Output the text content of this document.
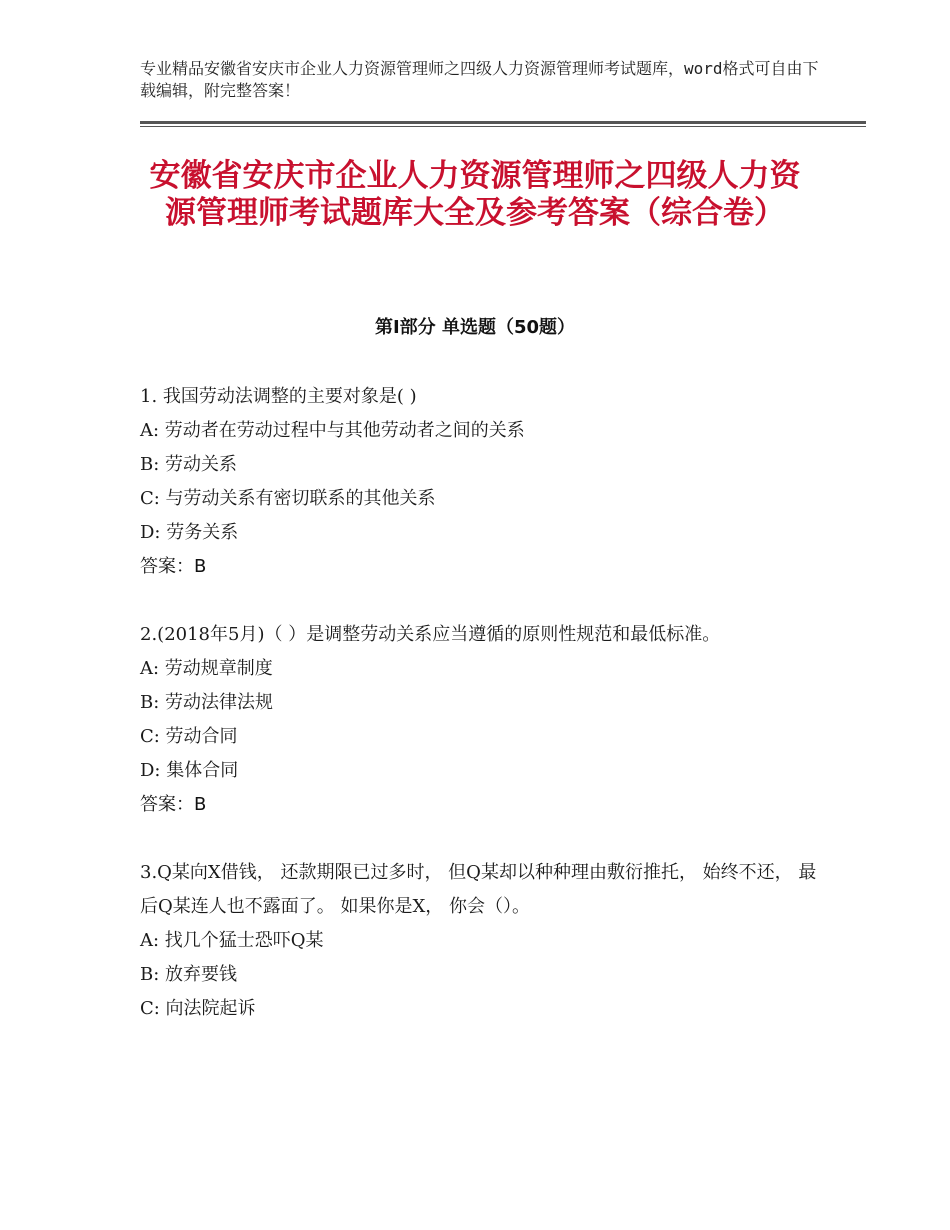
专业精品安徽省安庆市企业人力资源管理师之四级人力资源管理师考试题库，word格式可自由下载编辑，附完整答案！
安徽省安庆市企业人力资源管理师之四级人力资源管理师考试题库大全及参考答案（综合卷）
第Ⅰ部分 单选题（50题）
1. 我国劳动法调整的主要对象是( )
A: 劳动者在劳动过程中与其他劳动者之间的关系
B: 劳动关系
C: 与劳动关系有密切联系的其他关系
D: 劳务关系
答案：B
2.(2018年5月)（ ）是调整劳动关系应当遵循的原则性规范和最低标准。
A: 劳动规章制度
B: 劳动法律法规
C: 劳动合同
D: 集体合同
答案：B
3.Q某向X借钱， 还款期限已过多时， 但Q某却以种种理由敷衍推托， 始终不还， 最后Q某连人也不露面了。 如果你是X， 你会（）。
A: 找几个猛士恐吓Q某
B: 放弃要钱
C: 向法院起诉
